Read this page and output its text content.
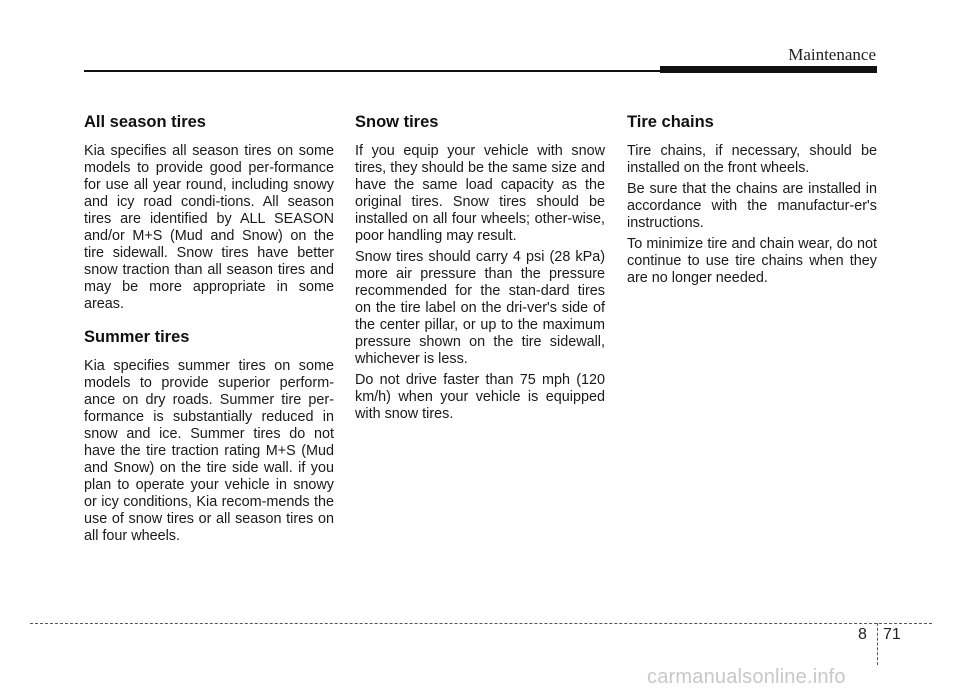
Maintenance
All season tires

Kia specifies all season tires on some models to provide good per-formance for use all year round, including snowy and icy road condi-tions. All season tires are identified by ALL SEASON and/or M+S (Mud and Snow) on the tire sidewall. Snow tires have better snow traction than all season tires and may be more appropriate in some areas.

Summer tires

Kia specifies summer tires on some models to provide superior perform-ance on dry roads. Summer tire per-formance is substantially reduced in snow and ice. Summer tires do not have the tire traction rating M+S (Mud and Snow) on the tire side wall. if you plan to operate your vehicle in snowy or icy conditions, Kia recom-mends the use of snow tires or all season tires on all four wheels.

Snow tires

If you equip your vehicle with snow tires, they should be the same size and have the same load capacity as the original tires. Snow tires should be installed on all four wheels; other-wise, poor handling may result.

Snow tires should carry 4 psi (28 kPa) more air pressure than the pressure recommended for the stan-dard tires on the tire label on the dri-ver's side of the center pillar, or up to the maximum pressure shown on the tire sidewall, whichever is less.

Do not drive faster than 75 mph (120 km/h) when your vehicle is equipped with snow tires.

Tire chains

Tire chains, if necessary, should be installed on the front wheels.

Be sure that the chains are installed in accordance with the manufactur-er's instructions.

To minimize tire and chain wear, do not continue to use tire chains when they are no longer needed.

8 71
carmanualsonline.info
